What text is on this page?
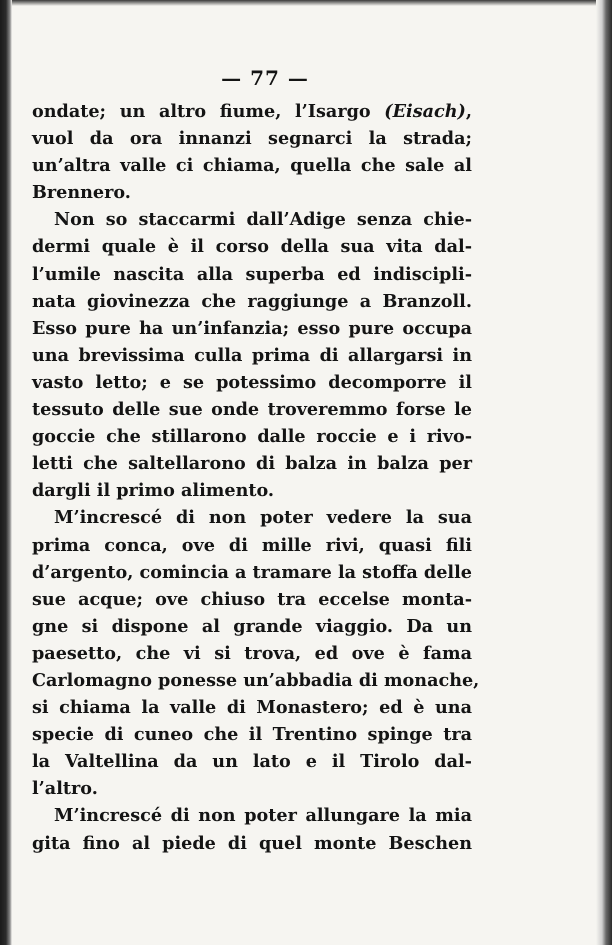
— 77 —
ondate; un altro fiume, l’Isargo (Eisach),
vuol da ora innanzi segnarci la strada;
un’altra valle ci chiama, quella che sale al
Brennero.
Non so staccarmi dall’Adige senza chie-
dermi quale è il corso della sua vita dal-
l’umile nascita alla superba ed indiscipli-
nata giovinezza che raggiunge a Branzoll.
Esso pure ha un’infanzia; esso pure occupa
una brevissima culla prima di allargarsi in
vasto letto; e se potessimo decomporre il
tessuto delle sue onde troveremmo forse le
goccie che stillarono dalle roccie e i rivo-
letti che saltellarono di balza in balza per
dargli il primo alimento.
M’increscé di non poter vedere la sua
prima conca, ove di mille rivi, quasi fili
d’argento, comincia a tramare la stoffa delle
sue acque; ove chiuso tra eccelse monta-
gne si dispone al grande viaggio. Da un
paesetto, che vi si trova, ed ove è fama
Carlomagno ponesse un’abbadia di monache,
si chiama la valle di Monastero; ed è una
specie di cuneo che il Trentino spinge tra
la Valtellina da un lato e il Tirolo dal-
l’altro.
M’increscé di non poter allungare la mia
gita fino al piede di quel monte Beschen
